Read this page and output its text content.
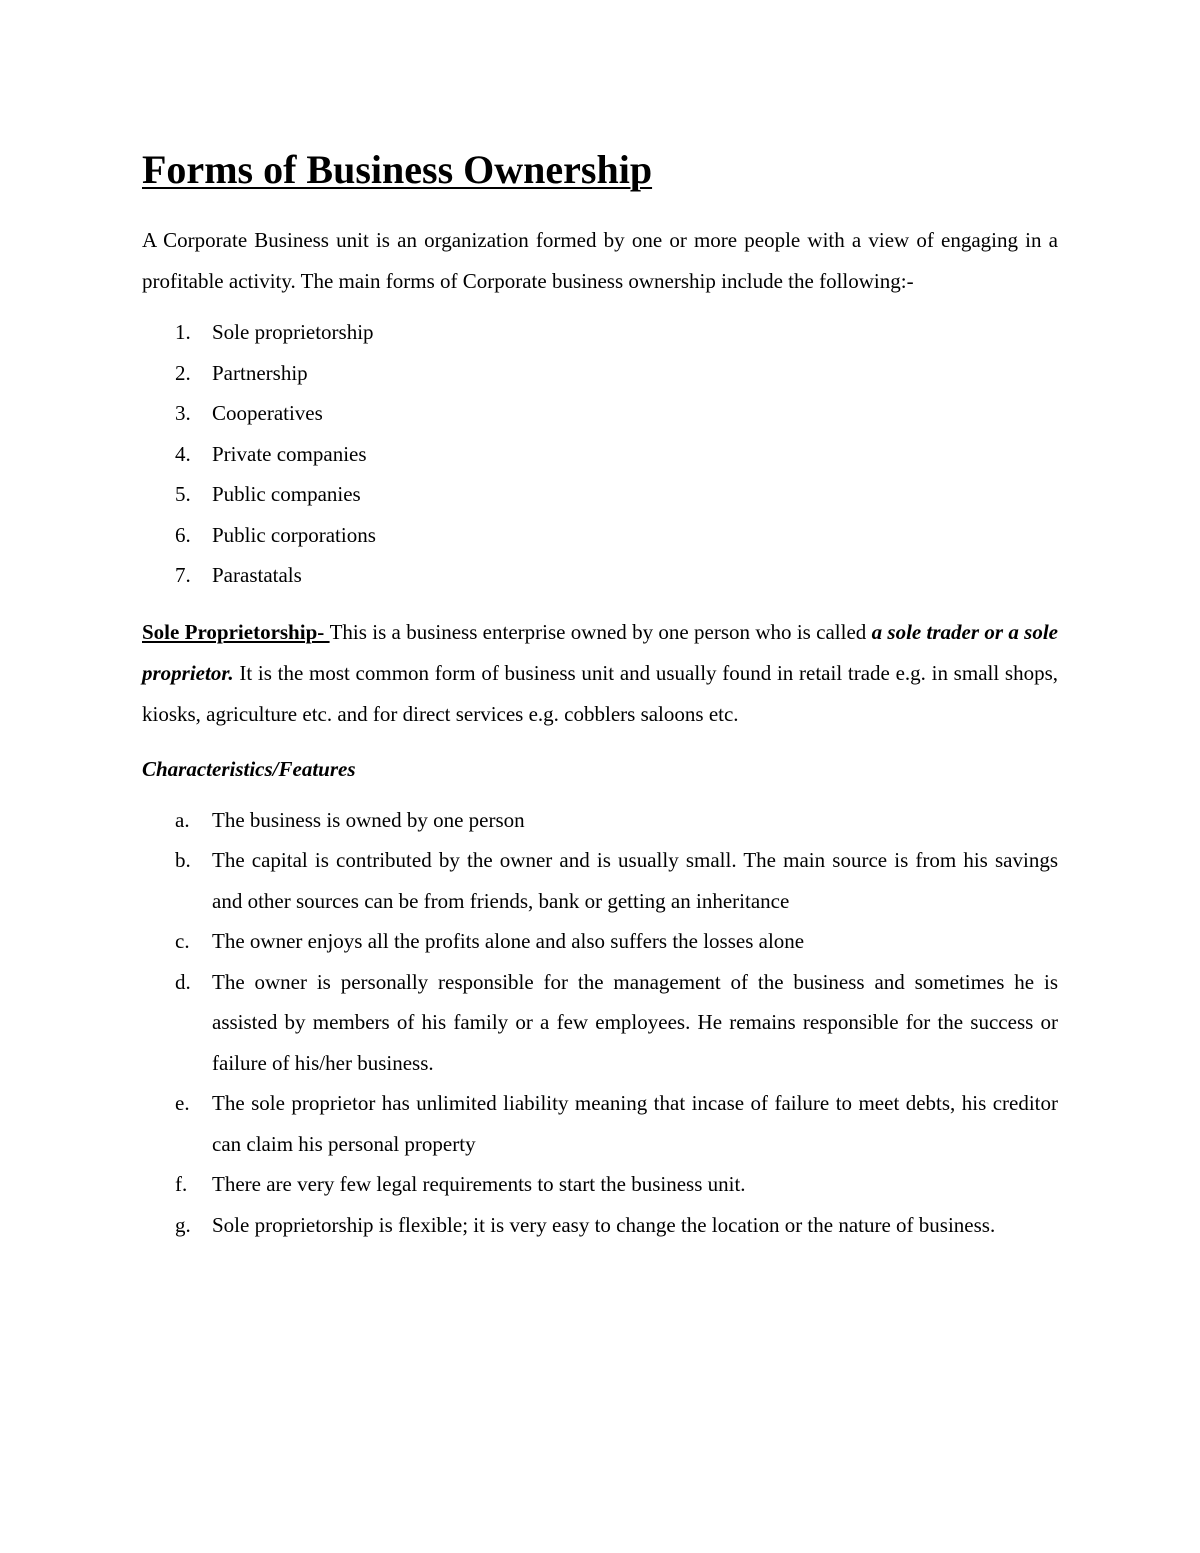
Forms of Business Ownership

A Corporate Business unit is an organization formed by one or more people with a view of engaging in a profitable activity. The main forms of Corporate business ownership include the following:-

1. Sole proprietorship
2. Partnership
3. Cooperatives
4. Private companies
5. Public companies
6. Public corporations
7. Parastatals

Sole Proprietorship- This is a business enterprise owned by one person who is called a sole trader or a sole proprietor. It is the most common form of business unit and usually found in retail trade e.g. in small shops, kiosks, agriculture etc. and for direct services e.g. cobblers saloons etc.

Characteristics/Features

a. The business is owned by one person
b. The capital is contributed by the owner and is usually small. The main source is from his savings and other sources can be from friends, bank or getting an inheritance
c. The owner enjoys all the profits alone and also suffers the losses alone
d. The owner is personally responsible for the management of the business and sometimes he is assisted by members of his family or a few employees. He remains responsible for the success or failure of his/her business.
e. The sole proprietor has unlimited liability meaning that incase of failure to meet debts, his creditor can claim his personal property
f. There are very few legal requirements to start the business unit.
g. Sole proprietorship is flexible; it is very easy to change the location or the nature of business.
